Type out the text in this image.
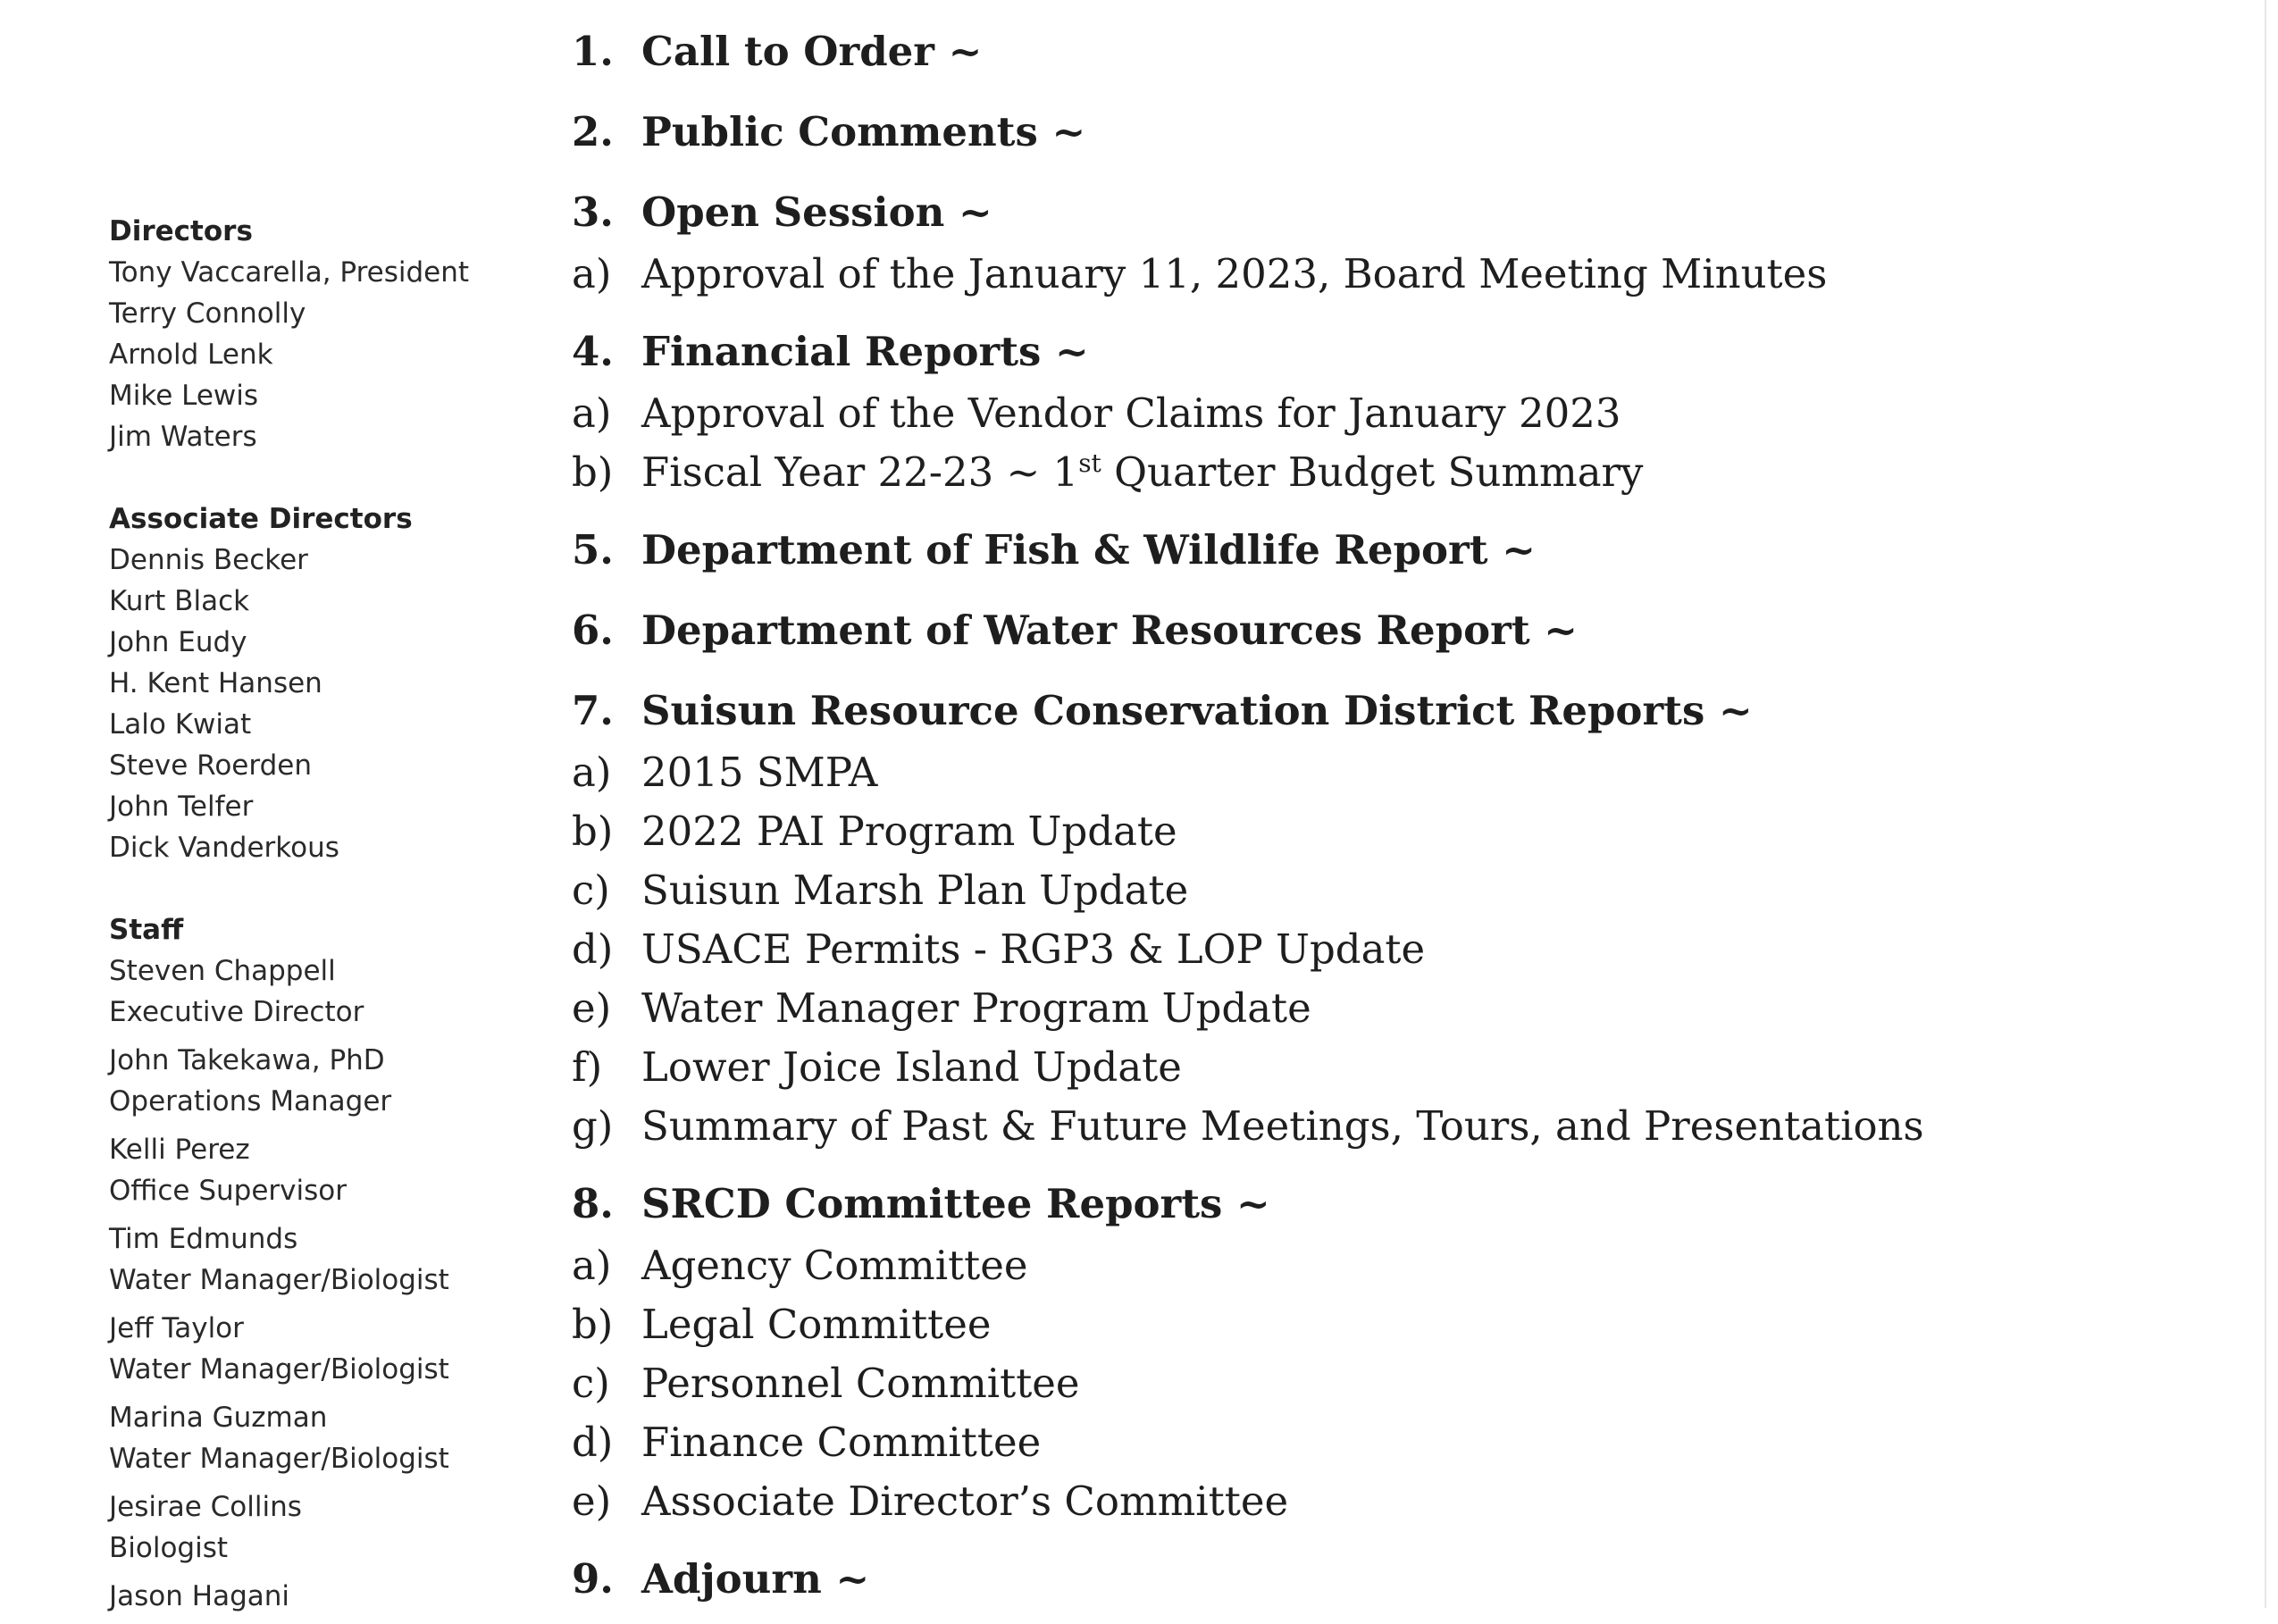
Directors
Tony Vaccarella, President
Terry Connolly
Arnold Lenk
Mike Lewis
Jim Waters
Associate Directors
Dennis Becker
Kurt Black
John Eudy
H. Kent Hansen
Lalo Kwiat
Steve Roerden
John Telfer
Dick Vanderkous
Staff
Steven Chappell
Executive Director
John Takekawa, PhD
Operations Manager
Kelli Perez
Office Supervisor
Tim Edmunds
Water Manager/Biologist
Jeff Taylor
Water Manager/Biologist
Marina Guzman
Water Manager/Biologist
Jesirae Collins
Biologist
Jason Hagani
1. Call to Order ~
2. Public Comments ~
3. Open Session ~
a) Approval of the January 11, 2023, Board Meeting Minutes
4. Financial Reports ~
a) Approval of the Vendor Claims for January 2023
b) Fiscal Year 22-23 ~ 1st Quarter Budget Summary
5. Department of Fish & Wildlife Report ~
6. Department of Water Resources Report ~
7. Suisun Resource Conservation District Reports ~
a) 2015 SMPA
b) 2022 PAI Program Update
c) Suisun Marsh Plan Update
d) USACE Permits - RGP3 & LOP Update
e) Water Manager Program Update
f) Lower Joice Island Update
g) Summary of Past & Future Meetings, Tours, and Presentations
8. SRCD Committee Reports ~
a) Agency Committee
b) Legal Committee
c) Personnel Committee
d) Finance Committee
e) Associate Director’s Committee
9. Adjourn ~
